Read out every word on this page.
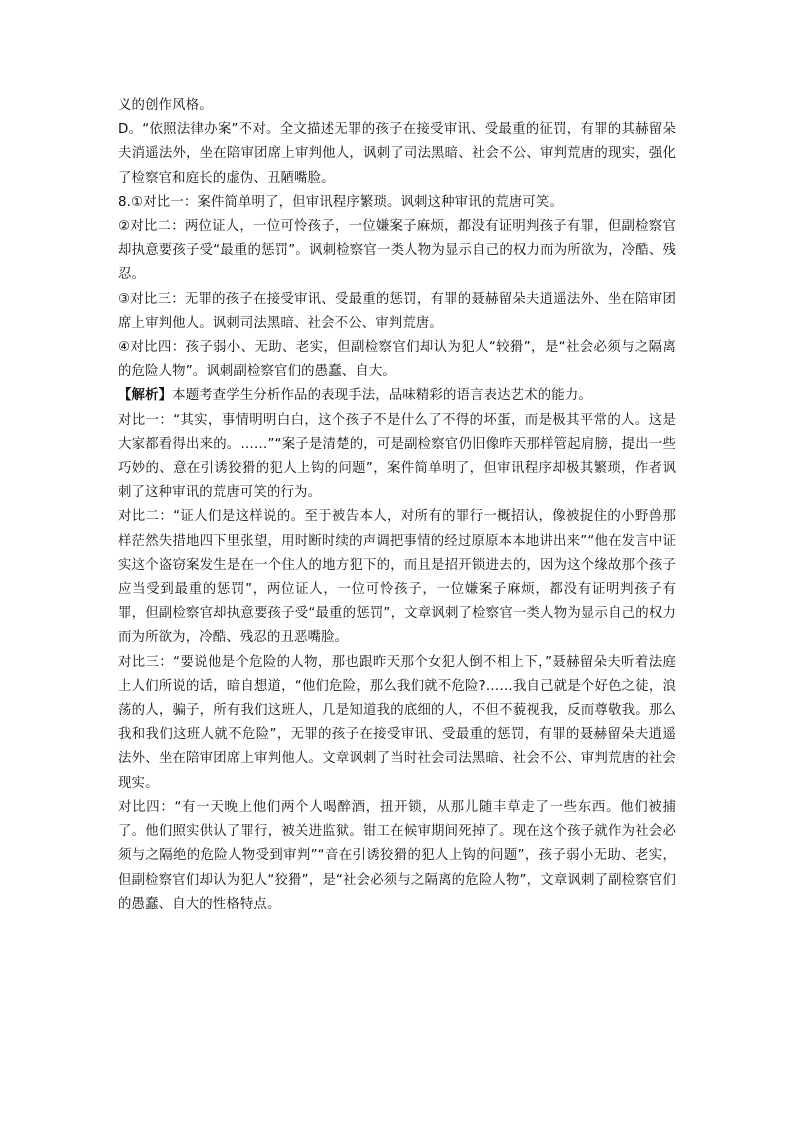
义的创作风格。

D。“依照法律办案”不对。全文描述无罪的孩子在接受审讯、受最重的征罚，有罪的其赫留朵夫消遥法外，坐在陪审团席上审判他人，讽刺了司法黑暗、社会不公、审判荒唐的现实，强化了检察官和庭长的虚伪、丑陋嘴脸。

8.①对比一：案件简单明了，但审讯程序繁琐。讽刺这种审讯的荒唐可笑。

②对比二：两位证人，一位可怜孩子，一位嫌案子麻烦，都没有证明判孩子有罪，但副检察官却执意要孩子受“最重的惩罚”。讽刺检察官一类人物为显示自己的权力而为所欲为，冷酷、残忍。

③对比三：无罪的孩子在接受审讯、受最重的惩罚，有罪的聂赫留朵夫逍遥法外、坐在陪审团席上审判他人。讽刺司法黑暗、社会不公、审判荒唐。

④对比四：孩子弱小、无助、老实，但副检察官们却认为犯人“较猾”，是“社会必须与之隔离的危险人物”。讽刺副检察官们的愚蠢、自大。

【解析】本题考查学生分析作品的表现手法，品味精彩的语言表达艺术的能力。

对比一：“其实，事情明明白白，这个孩子不是什么了不得的坏蛋，而是极其平常的人。这是大家都看得出来的。……”“案子是清楚的，可是副检察官仍旧像昨天那样管起肩膀，提出一些巧妙的、意在引诱狡猾的犯人上钩的问题”，案件简单明了，但审讯程序却极其繁琐，作者讽刺了这种审讯的荒唐可笑的行为。

对比二：“证人们是这样说的。至于被告本人，对所有的罪行一概招认，像被捉住的小野兽那样茫然失措地四下里张望，用时断时续的声调把事情的经过原原本本地讲出来”“他在发言中证实这个盗窃案发生是在一个住人的地方犯下的，而且是招开锁进去的，因为这个缘故那个孩子应当受到最重的惩罚”，两位证人，一位可怜孩子，一位嫌案子麻烦，都没有证明判孩子有罪，但副检察官却执意要孩子受“最重的惩罚”，文章讽刺了检察官一类人物为显示自己的权力而为所欲为，冷酷、残忍的丑恶嘴脸。

对比三：“要说他是个危险的人物，那也跟昨天那个女犯人倒不相上下，”聂赫留朵夫听着法庭上人们所说的话，暗自想道，“他们危险，那么我们就不危险?……我自己就是个好色之徒，浪荡的人，骗子，所有我们这班人，几是知道我的底细的人，不但不藐视我，反而尊敬我。那么我和我们这班人就不危险”，无罪的孩子在接受审讯、受最重的惩罚，有罪的聂赫留朵夫逍遥法外、坐在陪审团席上审判他人。文章讽刺了当时社会司法黑暗、社会不公、审判荒唐的社会现实。

对比四：“有一天晚上他们两个人喝醉酒，扭开锁，从那儿随丰草走了一些东西。他们被捕了。他们照实供认了罪行，被关进监狱。钳工在候审期间死掉了。现在这个孩子就作为社会必须与之隔绝的危险人物受到审判”“音在引诱狡猾的犯人上钩的问题”，孩子弱小无助、老实，但副检察官们却认为犯人“狡猾”，是“社会必须与之隔离的危险人物”，文章讽刺了副检察官们的愚蠢、自大的性格特点。
